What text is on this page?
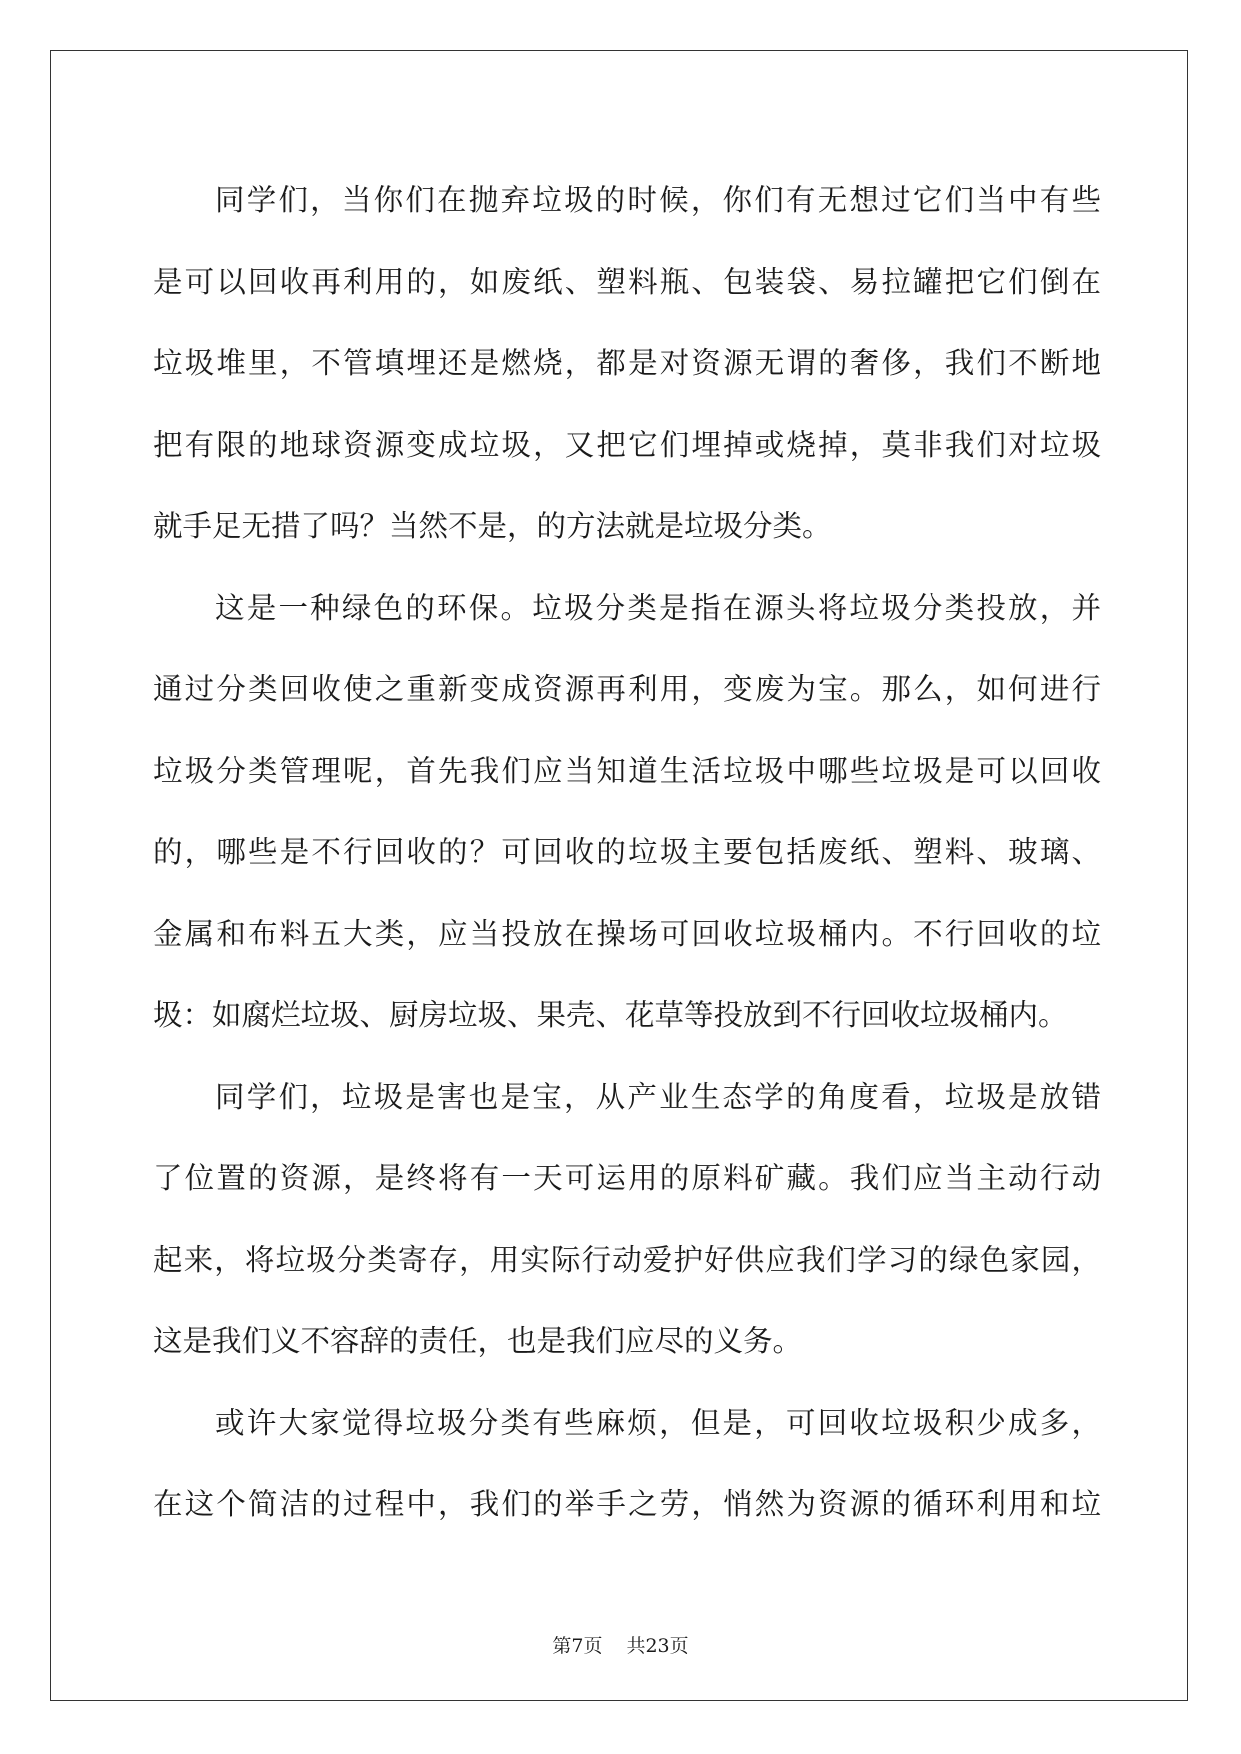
同学们，当你们在抛弃垃圾的时候，你们有无想过它们当中有些
是可以回收再利用的，如废纸、塑料瓶、包装袋、易拉罐把它们倒在
垃圾堆里，不管填埋还是燃烧，都是对资源无谓的奢侈，我们不断地
把有限的地球资源变成垃圾，又把它们埋掉或烧掉，莫非我们对垃圾
就手足无措了吗？当然不是，的方法就是垃圾分类。
这是一种绿色的环保。垃圾分类是指在源头将垃圾分类投放，并
通过分类回收使之重新变成资源再利用，变废为宝。那么，如何进行
垃圾分类管理呢，首先我们应当知道生活垃圾中哪些垃圾是可以回收
的，哪些是不行回收的？可回收的垃圾主要包括废纸、塑料、玻璃、
金属和布料五大类，应当投放在操场可回收垃圾桶内。不行回收的垃
圾：如腐烂垃圾、厨房垃圾、果壳、花草等投放到不行回收垃圾桶内。
同学们，垃圾是害也是宝，从产业生态学的角度看，垃圾是放错
了位置的资源，是终将有一天可运用的原料矿藏。我们应当主动行动
起来，将垃圾分类寄存，用实际行动爱护好供应我们学习的绿色家园，
这是我们义不容辞的责任，也是我们应尽的义务。
或许大家觉得垃圾分类有些麻烦，但是，可回收垃圾积少成多，
在这个简洁的过程中，我们的举手之劳，悄然为资源的循环利用和垃
第7页 共23页
